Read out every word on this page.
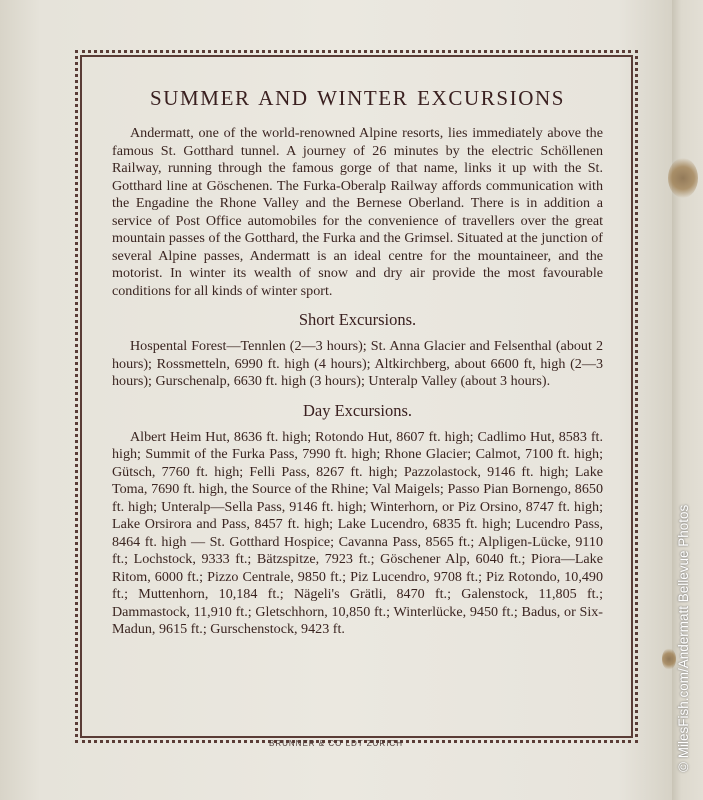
SUMMER AND WINTER EXCURSIONS

Andermatt, one of the world-renowned Alpine resorts, lies immediately above the famous St. Gotthard tunnel. A journey of 26 minutes by the electric Schöllenen Railway, running through the famous gorge of that name, links it up with the St. Gotthard line at Göschenen. The Furka-Oberalp Railway affords communication with the Engadine the Rhone Valley and the Bernese Oberland. There is in addition a service of Post Office automobiles for the convenience of travellers over the great mountain passes of the Gotthard, the Furka and the Grimsel. Situated at the junction of several Alpine passes, Andermatt is an ideal centre for the mountaineer, and the motorist. In winter its wealth of snow and dry air provide the most favourable conditions for all kinds of winter sport.

Short Excursions.

Hospental Forest—Tennlen (2—3 hours); St. Anna Glacier and Felsenthal (about 2 hours); Rossmetteln, 6990 ft. high (4 hours); Altkirchberg, about 6600 ft, high (2—3 hours); Gurschenalp, 6630 ft. high (3 hours); Unteralp Valley (about 3 hours).

Day Excursions.

Albert Heim Hut, 8636 ft. high; Rotondo Hut, 8607 ft. high; Cadlimo Hut, 8583 ft. high; Summit of the Furka Pass, 7990 ft. high; Rhone Glacier; Calmot, 7100 ft. high; Gütsch, 7760 ft. high; Felli Pass, 8267 ft. high; Pazzolastock, 9146 ft. high; Lake Toma, 7690 ft. high, the Source of the Rhine; Val Maigels; Passo Pian Bornengo, 8650 ft. high; Unteralp—Sella Pass, 9146 ft. high; Winterhorn, or Piz Orsino, 8747 ft. high; Lake Orsirora and Pass, 8457 ft. high; Lake Lucendro, 6835 ft. high; Lucendro Pass, 8464 ft. high — St. Gotthard Hospice; Cavanna Pass, 8565 ft.; Alpligen-Lücke, 9110 ft.; Lochstock, 9333 ft.; Bätzspitze, 7923 ft.; Göschener Alp, 6040 ft.; Piora—Lake Ritom, 6000 ft.; Pizzo Centrale, 9850 ft.; Piz Lucendro, 9708 ft.; Piz Rotondo, 10,490 ft.; Muttenhorn, 10,184 ft.; Nägeli's Grätli, 8470 ft.; Galenstock, 11,805 ft.; Dammastock, 11,910 ft.; Gletschhorn, 10,850 ft.; Winterlücke, 9450 ft.; Badus, or Six-Madun, 9615 ft.; Gurschenstock, 9423 ft.

BRUNNER & CO LDT ZURICH	© MilesFish.com/Andermatt Bellevue Photos
